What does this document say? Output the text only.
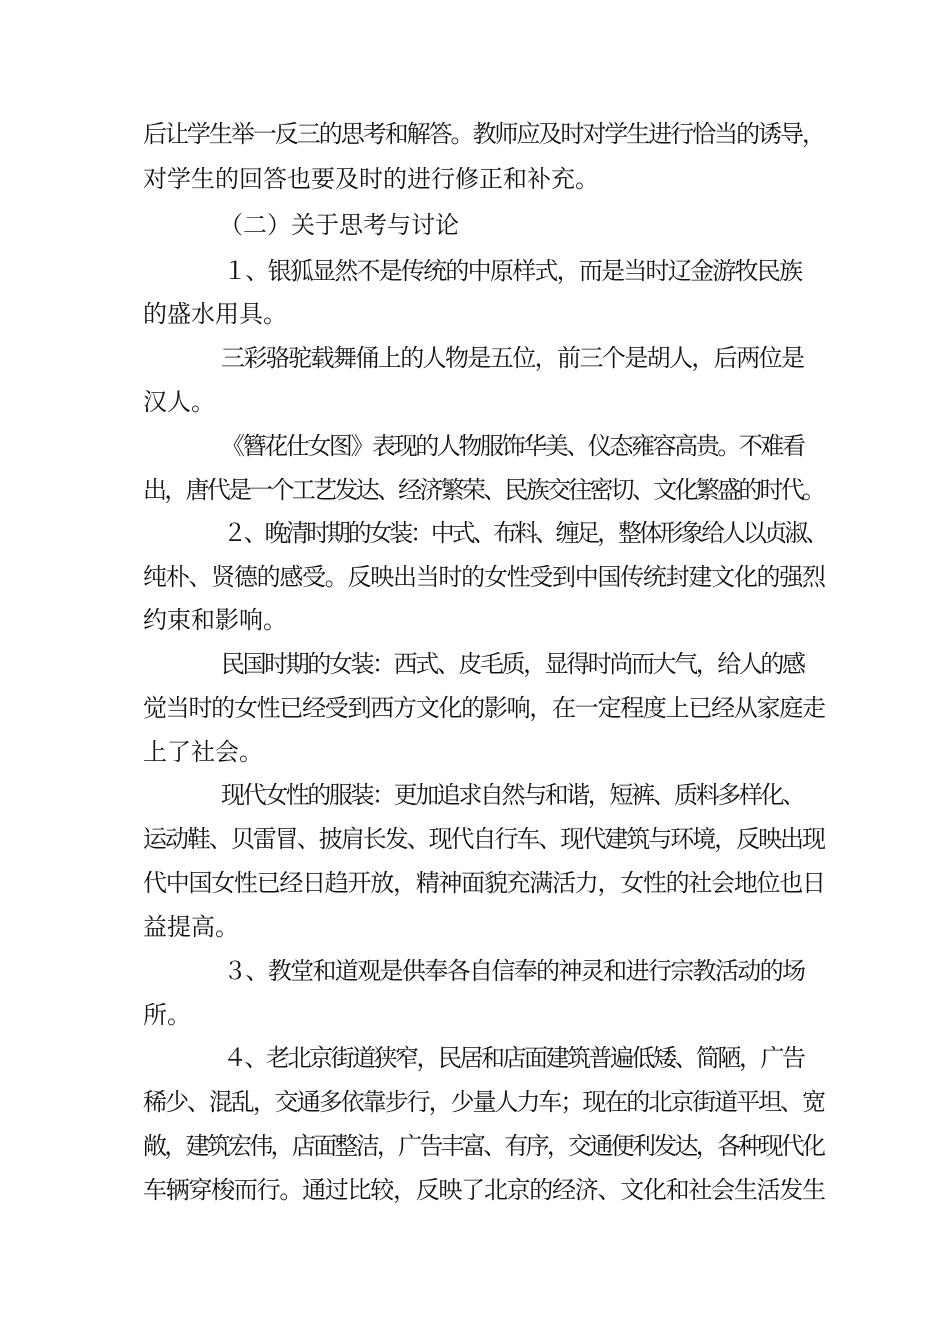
后让学生举一反三的思考和解答。教师应及时对学生进行恰当的诱导，
对学生的回答也要及时的进行修正和补充。
（二）关于思考与讨论
１、银狐显然不是传统的中原样式，而是当时辽金游牧民族
的盛水用具。
三彩骆驼载舞俑上的人物是五位，前三个是胡人，后两位是
汉人。
《簪花仕女图》表现的人物服饰华美、仪态雍容高贵。不难看
出，唐代是一个工艺发达、经济繁荣、民族交往密切、文化繁盛的时代。
２、晚清时期的女装：中式、布料、缠足，整体形象给人以贞淑、
纯朴、贤德的感受。反映出当时的女性受到中国传统封建文化的强烈
约束和影响。
民国时期的女装：西式、皮毛质，显得时尚而大气，给人的感
觉当时的女性已经受到西方文化的影响，在一定程度上已经从家庭走
上了社会。
现代女性的服装：更加追求自然与和谐，短裤、质料多样化、
运动鞋、贝雷冒、披肩长发、现代自行车、现代建筑与环境，反映出现
代中国女性已经日趋开放，精神面貌充满活力，女性的社会地位也日
益提高。
３、教堂和道观是供奉各自信奉的神灵和进行宗教活动的场
所。
４、老北京街道狭窄，民居和店面建筑普遍低矮、简陋，广告
稀少、混乱，交通多依靠步行，少量人力车；现在的北京街道平坦、宽
敞，建筑宏伟，店面整洁，广告丰富、有序，交通便利发达，各种现代化
车辆穿梭而行。通过比较，反映了北京的经济、文化和社会生活发生
